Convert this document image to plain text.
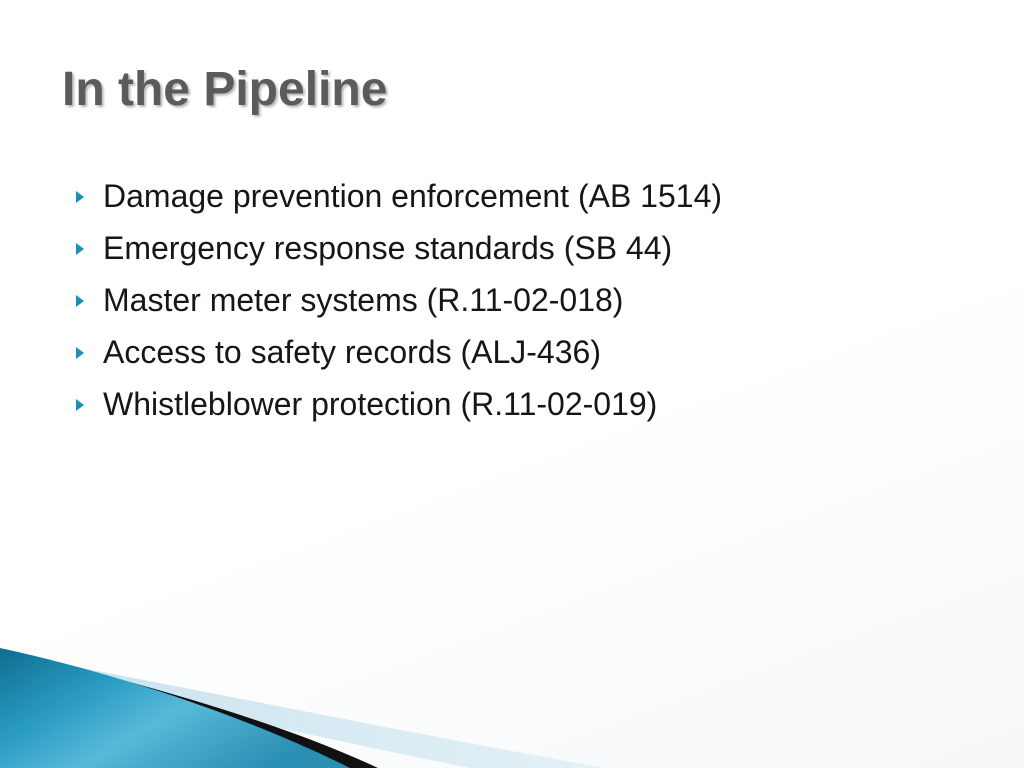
In the Pipeline
Damage prevention enforcement (AB 1514)
Emergency response standards (SB 44)
Master meter systems (R.11-02-018)
Access to safety records (ALJ-436)
Whistleblower protection (R.11-02-019)
